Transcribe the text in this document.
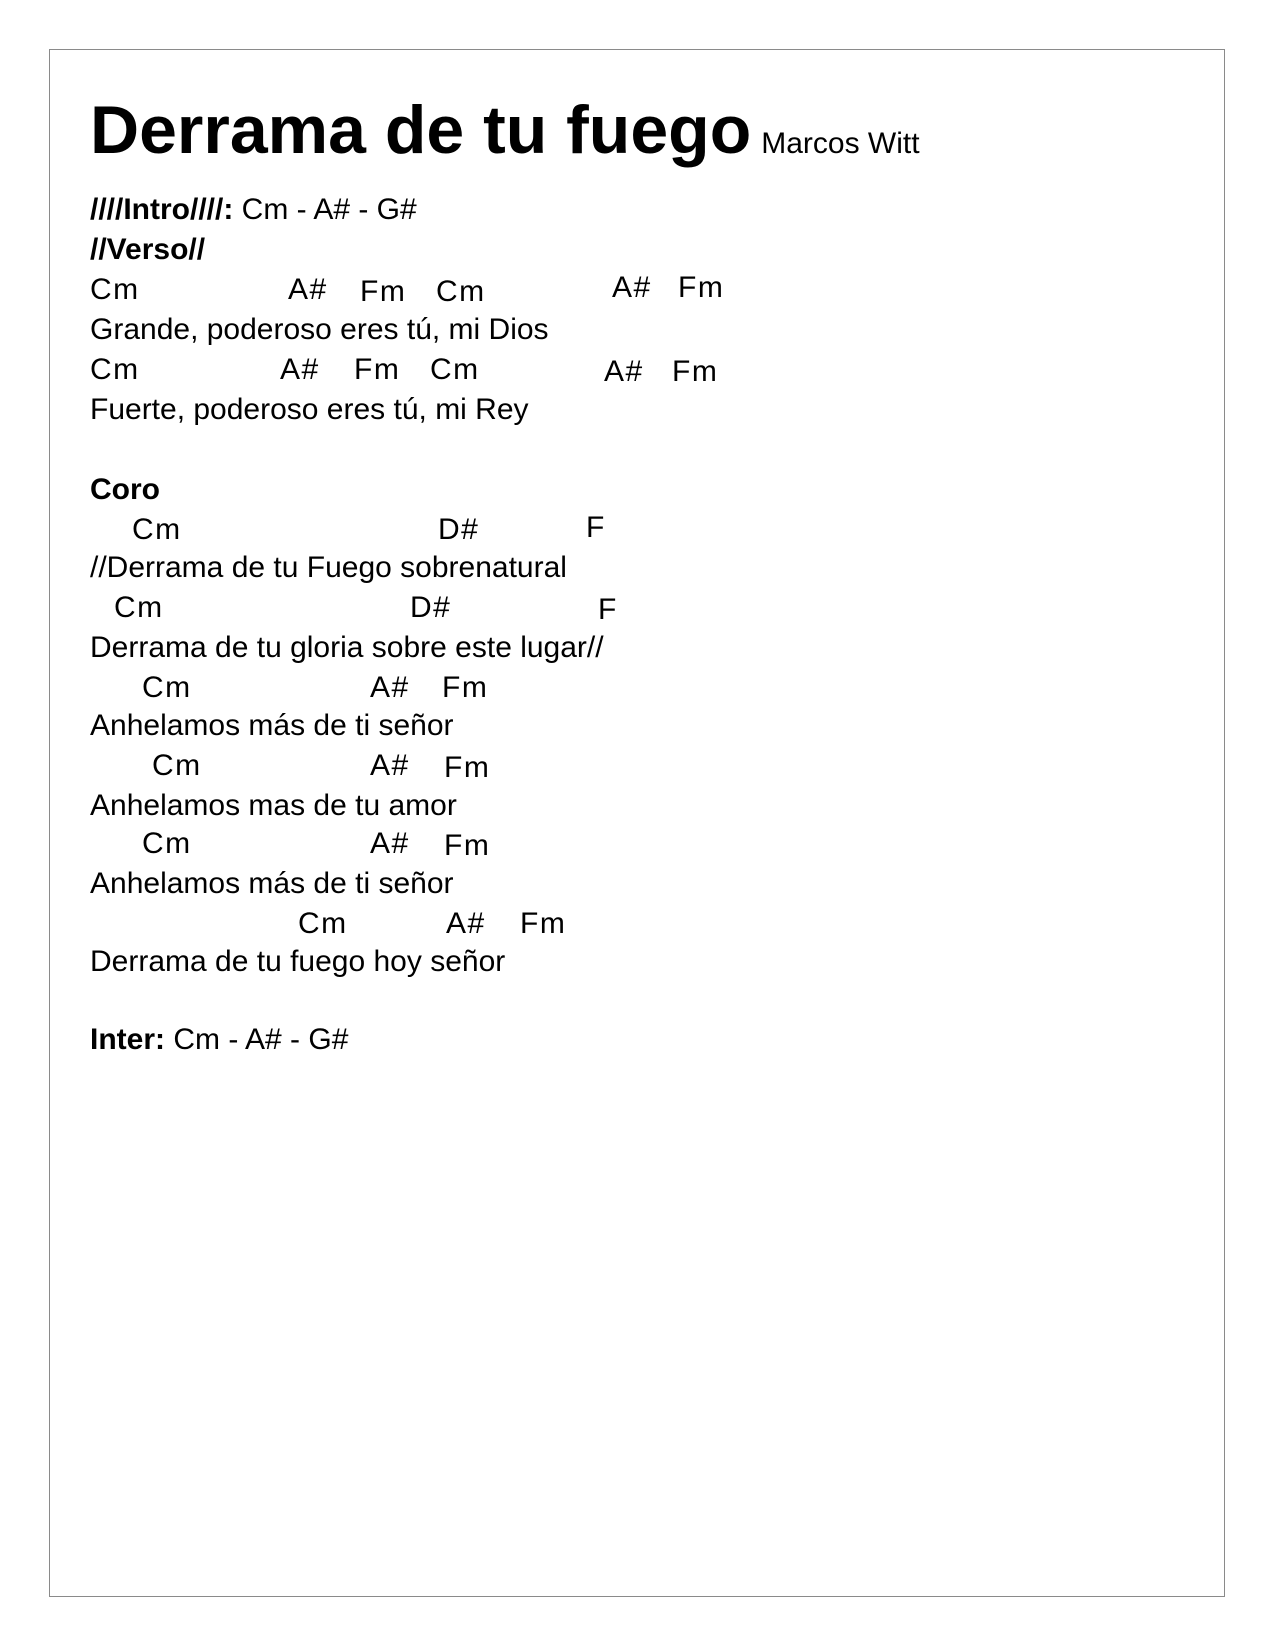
Derrama de tu fuego Marcos Witt
////Intro////: Cm - A# - G#
//Verso//
Cm	A# Fm Cm	A# Fm
Grande, poderoso eres tú, mi Dios
Cm	A# Fm Cm	A# Fm
Fuerte, poderoso eres tú, mi Rey
Coro
Cm	D#	F
//Derrama de tu Fuego sobrenatural
Cm	D#	F
Derrama de tu gloria sobre este lugar//
Cm	A# Fm
Anhelamos más de ti señor
Cm	A# Fm
Anhelamos mas de tu amor
Cm	A# Fm
Anhelamos más de ti señor
Cm	A# Fm
Derrama de tu fuego hoy señor
Inter: Cm - A# - G#
